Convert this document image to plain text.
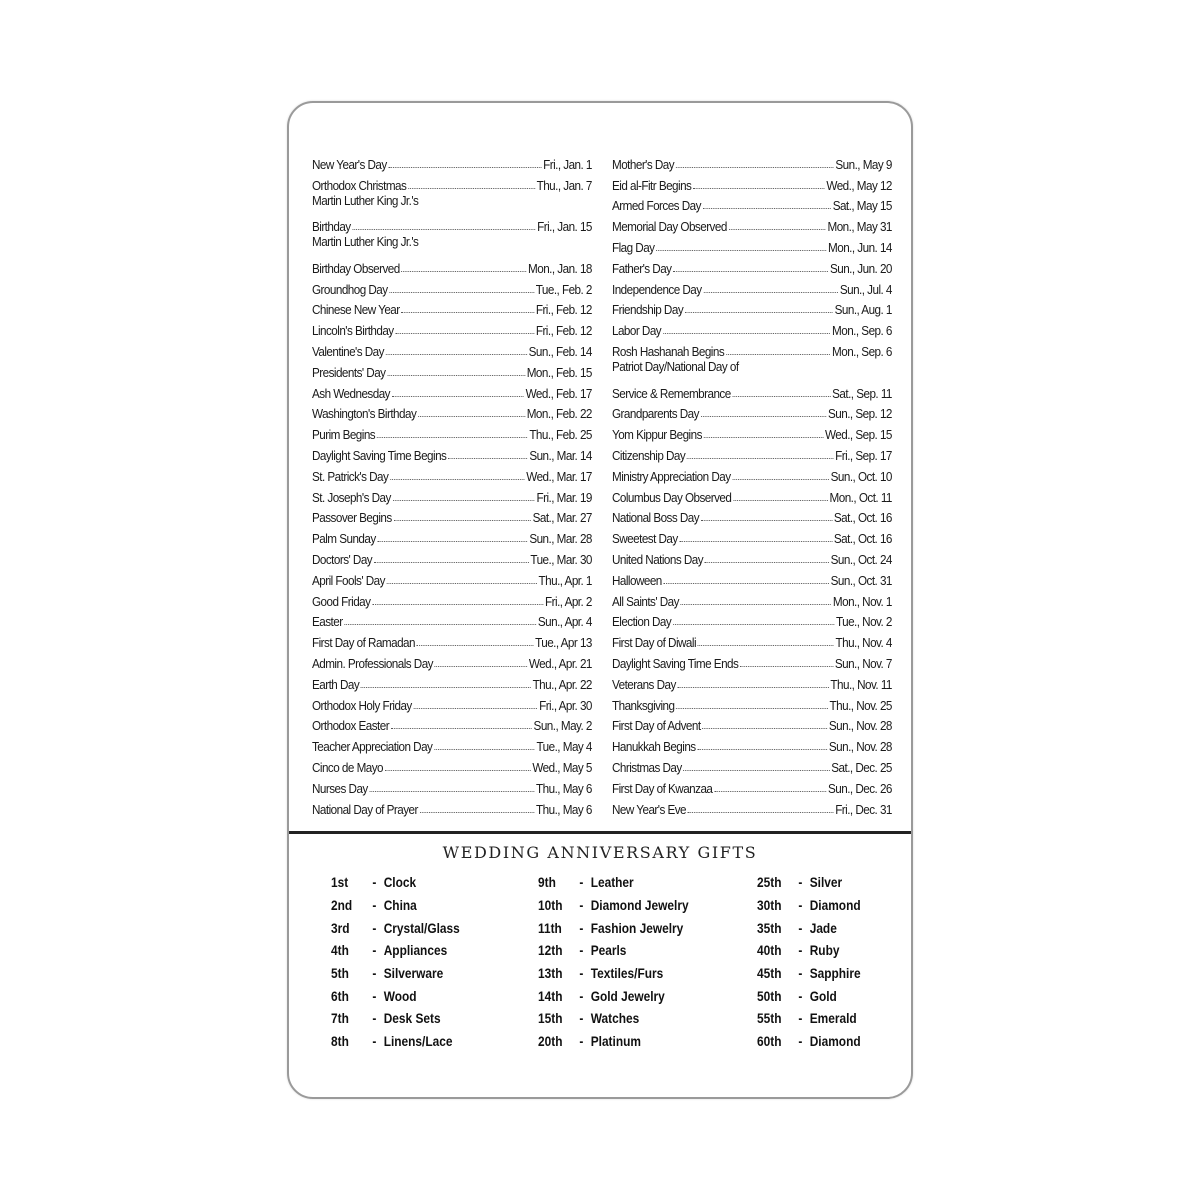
New Year's Day	Fri., Jan. 1
Orthodox Christmas	Thu., Jan. 7
Martin Luther King Jr.'s
Birthday	Fri., Jan. 15
Martin Luther King Jr.'s
Birthday Observed	Mon., Jan. 18
Groundhog Day	Tue., Feb. 2
Chinese New Year	Fri., Feb. 12
Lincoln's Birthday	Fri., Feb. 12
Valentine's Day	Sun., Feb. 14
Presidents' Day	Mon., Feb. 15
Ash Wednesday	Wed., Feb. 17
Washington's Birthday	Mon., Feb. 22
Purim Begins	Thu., Feb. 25
Daylight Saving Time Begins	Sun., Mar. 14
St. Patrick's Day	Wed., Mar. 17
St. Joseph's Day	Fri., Mar. 19
Passover Begins	Sat., Mar. 27
Palm Sunday	Sun., Mar. 28
Doctors' Day	Tue., Mar. 30
April Fools' Day	Thu., Apr. 1
Good Friday	Fri., Apr. 2
Easter	Sun., Apr. 4
First Day of Ramadan	Tue., Apr 13
Admin. Professionals Day	Wed., Apr. 21
Earth Day	Thu., Apr. 22
Orthodox Holy Friday	Fri., Apr. 30
Orthodox Easter	Sun., May. 2
Teacher Appreciation Day	Tue., May 4
Cinco de Mayo	Wed., May 5
Nurses Day	Thu., May 6
National Day of Prayer	Thu., May 6
Mother's Day	Sun., May 9
Eid al-Fitr Begins	Wed., May 12
Armed Forces Day	Sat., May 15
Memorial Day Observed	Mon., May 31
Flag Day	Mon., Jun. 14
Father's Day	Sun., Jun. 20
Independence Day	Sun., Jul. 4
Friendship Day	Sun., Aug. 1
Labor Day	Mon., Sep. 6
Rosh Hashanah Begins	Mon., Sep. 6
Patriot Day/National Day of
Service & Remembrance	Sat., Sep. 11
Grandparents Day	Sun., Sep. 12
Yom Kippur Begins	Wed., Sep. 15
Citizenship Day	Fri., Sep. 17
Ministry Appreciation Day	Sun., Oct. 10
Columbus Day Observed	Mon., Oct. 11
National Boss Day	Sat., Oct. 16
Sweetest Day	Sat., Oct. 16
United Nations Day	Sun., Oct. 24
Halloween	Sun., Oct. 31
All Saints' Day	Mon., Nov. 1
Election Day	Tue., Nov. 2
First Day of Diwali	Thu., Nov. 4
Daylight Saving Time Ends	Sun., Nov. 7
Veterans Day	Thu., Nov. 11
Thanksgiving	Thu., Nov. 25
First Day of Advent	Sun., Nov. 28
Hanukkah Begins	Sun., Nov. 28
Christmas Day	Sat., Dec. 25
First Day of Kwanzaa	Sun., Dec. 26
New Year's Eve	Fri., Dec. 31
WEDDING ANNIVERSARY GIFTS
1st	- Clock
2nd	- China
3rd	- Crystal/Glass
4th	- Appliances
5th	- Silverware
6th	- Wood
7th	- Desk Sets
8th	- Linens/Lace
9th	- Leather
10th	- Diamond Jewelry
11th	- Fashion Jewelry
12th	- Pearls
13th	- Textiles/Furs
14th	- Gold Jewelry
15th	- Watches
20th	- Platinum
25th	- Silver
30th	- Diamond
35th	- Jade
40th	- Ruby
45th	- Sapphire
50th	- Gold
55th	- Emerald
60th	- Diamond
